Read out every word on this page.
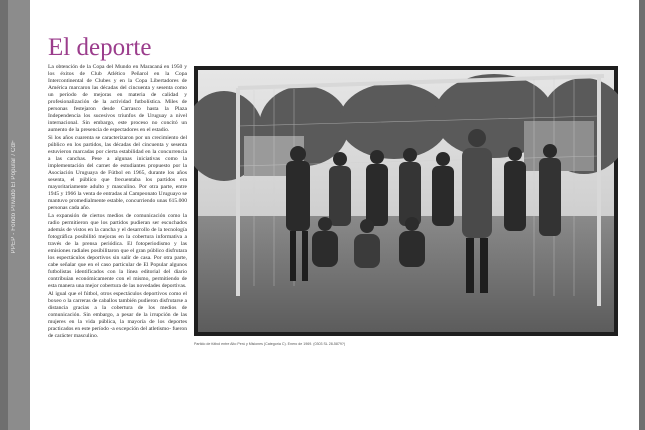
PPEP - Fondo Privado El Popular / CdF
El deporte

La obtención de la Copa del Mundo en Maracaná en 1950 y los éxitos de Club Atlético Peñarol en la Copa Intercontinental de Clubes y en la Copa Libertadores de América marcaron las décadas del cincuenta y sesenta como un período de mejoras en materia de calidad y profesionalización de la actividad futbolística. Miles de personas festejaron desde Carrasco hasta la Plaza Independencia los sucesivos triunfos de Uruguay a nivel internacional. Sin embargo, este proceso no concitó un aumento de la presencia de espectadores en el estadio.

Si los años cuarenta se caracterizaron por un crecimiento del público en los partidos, las décadas del cincuenta y sesenta estuvieron marcadas por cierta estabilidad en la concurrencia a las canchas. Pese a algunas iniciativas como la implementación del carnet de estudiantes propuesto por la Asociación Uruguaya de Fútbol en 1965, durante los años sesenta, el público que frecuentaba los partidos era mayoritariamente adulto y masculino. Por otra parte, entre 1945 y 1966 la venta de entradas al Campeonato Uruguayo se mantuvo promedialmente estable, concurriendo unas 615.000 personas cada año.

La expansión de ciertos medios de comunicación como la radio permitieron que los partidos pudieran ser escuchados además de vistos en la cancha y el desarrollo de la tecnología fotográfica posibilitó mejoras en la cobertura informativa a través de la prensa periódica. El fotoperiodismo y las emisiones radiales posibilitaron que el gran público disfrutara los espectáculos deportivos sin salir de casa. Por otra parte, cabe señalar que en el caso particular de El Popular algunos futbolistas identificados con la línea editorial del diario contribuían económicamente con el mismo, permitiendo de esta manera una mejor cobertura de las novedades deportivas.

Al igual que el fútbol, otros espectáculos deportivos como el boxeo o la carreras de caballos también pudieron disfrutarse a distancia gracias a la cobertura de los medios de comunicación. Sin embargo, a pesar de la irrupción de las mujeres en la vida pública, la mayoría de los deportes practicados en este período -a excepción del atletismo- fueron de carácter masculino.

Partido de fútbol entre Alto Perú y Misiones (Categoría C). Enero de 1969. (0303 SL 28-5879?)
